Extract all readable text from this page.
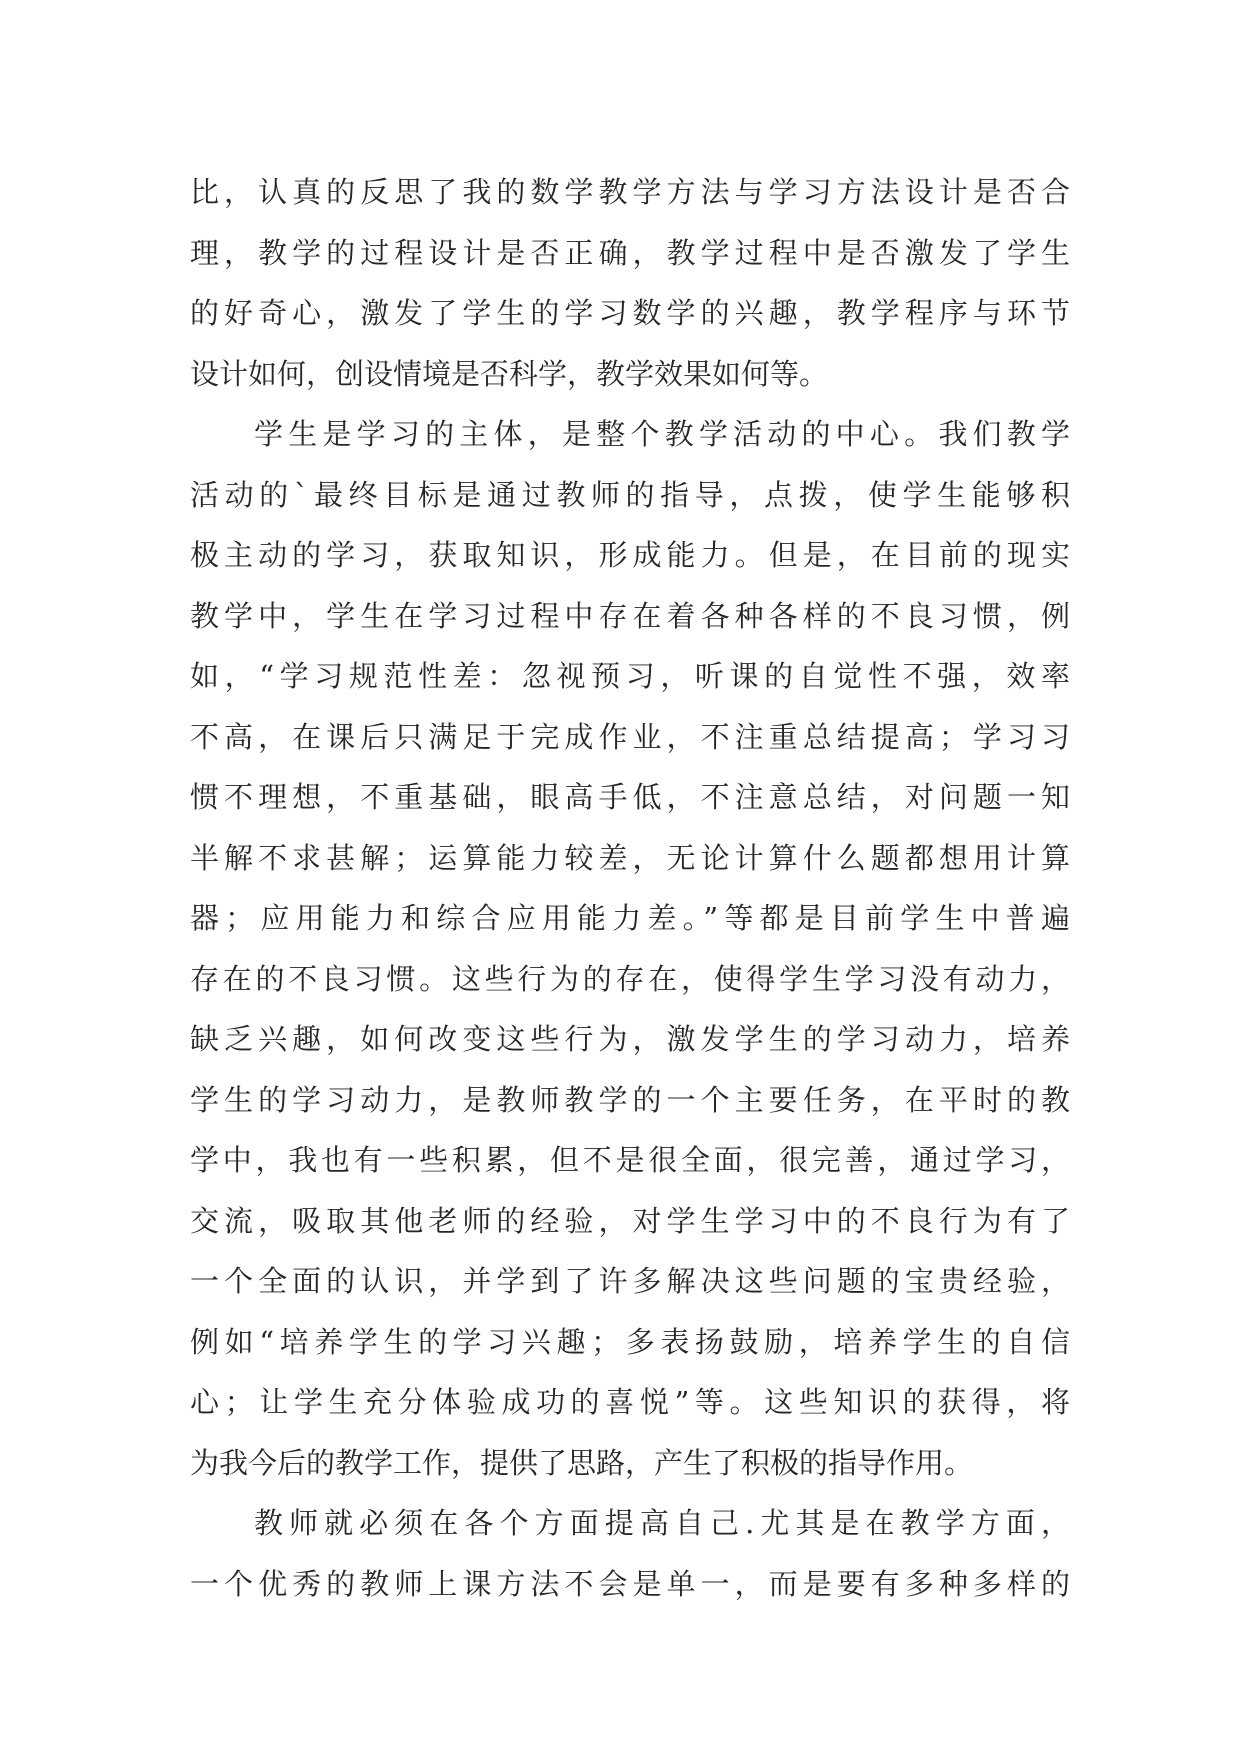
比，认真的反思了我的数学教学方法与学习方法设计是否合
理，教学的过程设计是否正确，教学过程中是否激发了学生
的好奇心，激发了学生的学习数学的兴趣，教学程序与环节
设计如何，创设情境是否科学，教学效果如何等。
学生是学习的主体，是整个教学活动的中心。我们教学
活动的`最终目标是通过教师的指导，点拨，使学生能够积
极主动的学习，获取知识，形成能力。但是，在目前的现实
教学中，学生在学习过程中存在着各种各样的不良习惯，例
如，“学习规范性差：忽视预习，听课的自觉性不强，效率
不高，在课后只满足于完成作业，不注重总结提高；学习习
惯不理想，不重基础，眼高手低，不注意总结，对问题一知
半解不求甚解；运算能力较差，无论计算什么题都想用计算
器；应用能力和综合应用能力差。”等都是目前学生中普遍
存在的不良习惯。这些行为的存在，使得学生学习没有动力，
缺乏兴趣，如何改变这些行为，激发学生的学习动力，培养
学生的学习动力，是教师教学的一个主要任务，在平时的教
学中，我也有一些积累，但不是很全面，很完善，通过学习，
交流，吸取其他老师的经验，对学生学习中的不良行为有了
一个全面的认识，并学到了许多解决这些问题的宝贵经验，
例如“培养学生的学习兴趣；多表扬鼓励，培养学生的自信
心；让学生充分体验成功的喜悦”等。这些知识的获得，将
为我今后的教学工作，提供了思路，产生了积极的指导作用。
教师就必须在各个方面提高自己.尤其是在教学方面，
一个优秀的教师上课方法不会是单一，而是要有多种多样的
